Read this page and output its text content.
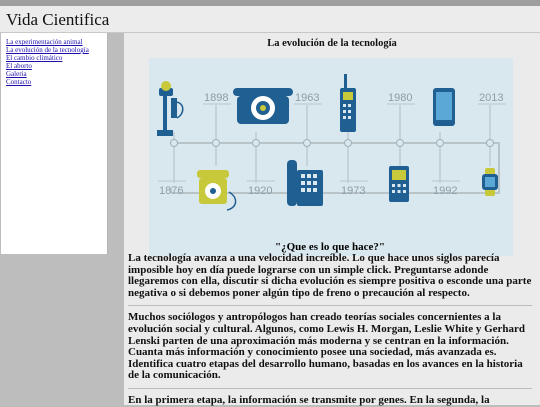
Vida Cientifica
La experimentación animal
La evolución de la tecnología
El cambio climático
El aborto
Galeria
Contacto
La evolución de la tecnología
1898	1963	1980	2013
1876	1920	1973	1992

"¿Que es lo que hace?"

La tecnología avanza a una velocidad increíble. Lo que hace unos siglos parecía imposible hoy en día puede lograrse con un simple click. Preguntarse adonde llegaremos con ella, discutir si dicha evolución es siempre positiva o esconde una parte negativa o si debemos poner algún tipo de freno o precaución al respecto.

Muchos sociólogos y antropólogos han creado teorías sociales concernientes a la evolución social y cultural. Algunos, como Lewis H. Morgan, Leslie White y Gerhard Lenski parten de una aproximación más moderna y se centran en la información. Cuanta más información y conocimiento posee una sociedad, más avanzada es. Identifica cuatro etapas del desarrollo humano, basadas en los avances en la historia de la comunicación.

En la primera etapa, la información se transmite por genes. En la segunda, la
